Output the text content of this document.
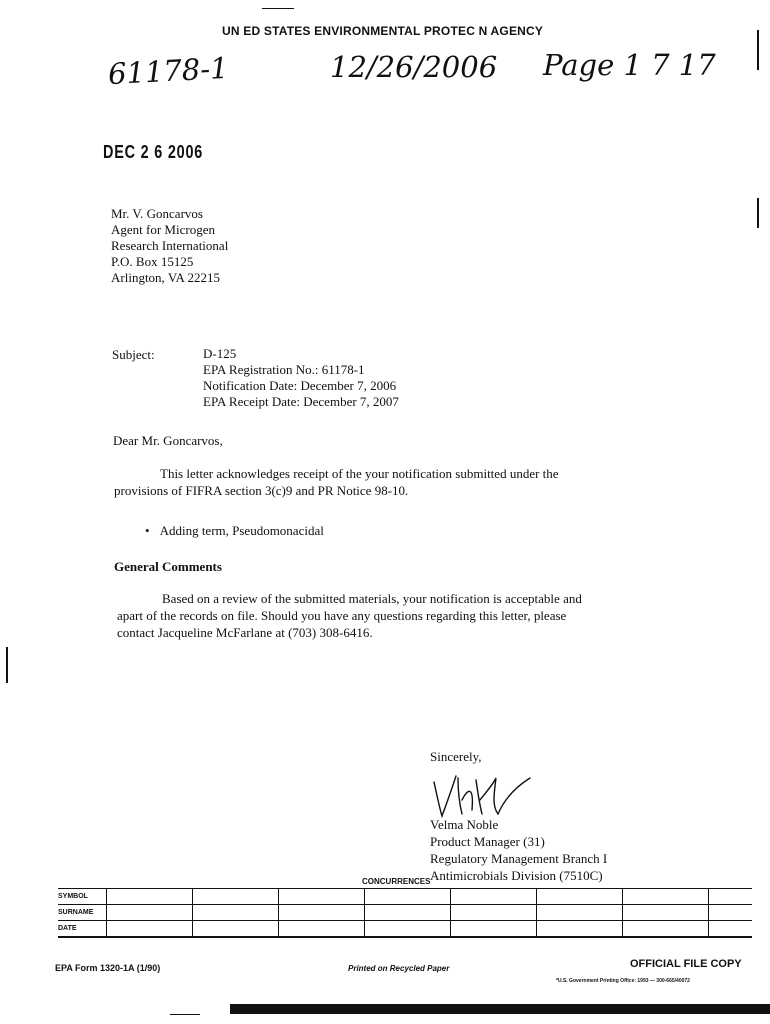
UN ED STATES ENVIRONMENTAL PROTEC N AGENCY
61178-1	12/26/2006 Page 1 7 17
DEC 2 6 2006
Mr. V. Goncarvos
Agent for Microgen
Research International
P.O. Box 15125
Arlington, VA 22215
Subject:	D-125
EPA Registration No.: 61178-1
Notification Date: December 7, 2006
EPA Receipt Date: December 7, 2007
Dear Mr. Goncarvos,
This letter acknowledges receipt of the your notification submitted under the
provisions of FIFRA section 3(c)9 and PR Notice 98-10.
• Adding term, Pseudomonacidal
General Comments
Based on a review of the submitted materials, your notification is acceptable and
apart of the records on file. Should you have any questions regarding this letter, please
contact Jacqueline McFarlane at (703) 308-6416.
Sincerely,
Velma Noble
Product Manager (31)
Regulatory Management Branch I
Antimicrobials Division (7510C)
CONCURRENCES
SYMBOL								
SURNAME								
DATE								
EPA Form 1320-1A (1/90)	Printed on Recycled Paper	OFFICIAL FILE COPY
*U.S. Government Printing Office: 1993 — 300-665/40072
